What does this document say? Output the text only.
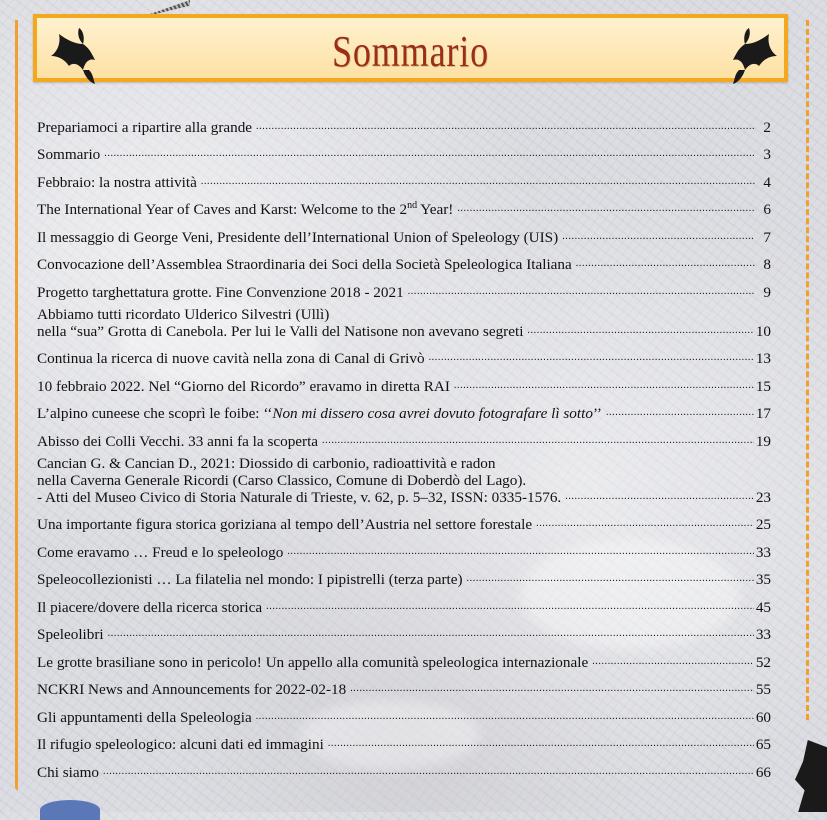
Sommario
Prepariamoci a ripartire alla grande .....	2
Sommario .....	3
Febbraio: la nostra attività .....	4
The International Year of Caves and Karst: Welcome to the 2nd Year! .....	6
Il messaggio di George Veni, Presidente dell’International Union of Speleology (UIS) .....	7
Convocazione dell’Assemblea Straordinaria dei Soci della Società Speleologica Italiana .....	8
Progetto targhettatura grotte. Fine Convenzione 2018 - 2021 .....	9
Abbiamo tutti ricordato Ulderico Silvestri (Ullì)
nella “sua” Grotta di Canebola. Per lui le Valli del Natisone non avevano segreti .....	10
Continua la ricerca di nuove cavità nella zona di Canal di Grivò .....	13
10 febbraio 2022. Nel “Giorno del Ricordo” eravamo in diretta RAI .....	15
L’alpino cuneese che scoprì le foibe: ‘‘Non mi dissero cosa avrei dovuto fotografare lì sotto’’ .....	17
Abisso dei Colli Vecchi. 33 anni fa la scoperta .....	19
Cancian G. & Cancian D., 2021: Diossido di carbonio, radioattività e radon
nella Caverna Generale Ricordi (Carso Classico, Comune di Doberdò del Lago).
- Atti del Museo Civico di Storia Naturale di Trieste, v. 62, p. 5–32, ISSN: 0335-1576. .....	23
Una importante figura storica goriziana al tempo dell’Austria nel settore forestale .....	25
Come eravamo … Freud e lo speleologo .....	33
Speleocollezionisti … La filatelia nel mondo: I pipistrelli (terza parte) .....	35
Il piacere/dovere della ricerca storica .....	45
Speleolibri .....	33
Le grotte brasiliane sono in pericolo! Un appello alla comunità speleologica internazionale .....	52
NCKRI News and Announcements for 2022-02-18 .....	55
Gli appuntamenti della Speleologia .....	60
Il rifugio speleologico: alcuni dati ed immagini .....	65
Chi siamo .....	66
